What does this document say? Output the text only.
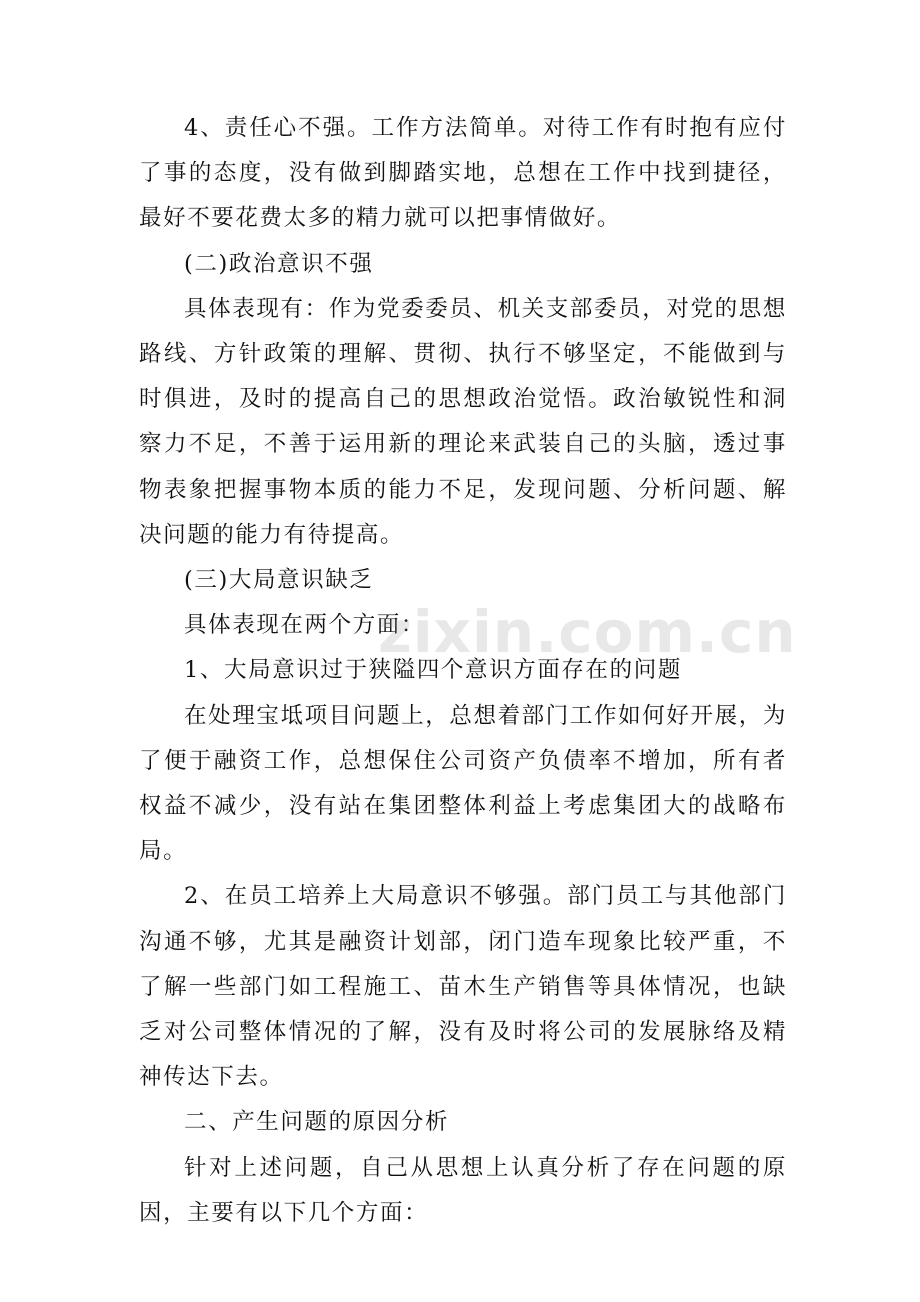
4、责任心不强。工作方法简单。对待工作有时抱有应付了事的态度，没有做到脚踏实地，总想在工作中找到捷径，最好不要花费太多的精力就可以把事情做好。

(二)政治意识不强

具体表现有：作为党委委员、机关支部委员，对党的思想路线、方针政策的理解、贯彻、执行不够坚定，不能做到与时俱进，及时的提高自己的思想政治觉悟。政治敏锐性和洞察力不足，不善于运用新的理论来武装自己的头脑，透过事物表象把握事物本质的能力不足，发现问题、分析问题、解决问题的能力有待提高。

(三)大局意识缺乏

具体表现在两个方面：

1、大局意识过于狭隘四个意识方面存在的问题

在处理宝坻项目问题上，总想着部门工作如何好开展，为了便于融资工作，总想保住公司资产负债率不增加，所有者权益不减少，没有站在集团整体利益上考虑集团大的战略布局。

2、在员工培养上大局意识不够强。部门员工与其他部门沟通不够，尤其是融资计划部，闭门造车现象比较严重，不了解一些部门如工程施工、苗木生产销售等具体情况，也缺乏对公司整体情况的了解，没有及时将公司的发展脉络及精神传达下去。

二、产生问题的原因分析

针对上述问题，自己从思想上认真分析了存在问题的原因，主要有以下几个方面：

zixin.com.cn
